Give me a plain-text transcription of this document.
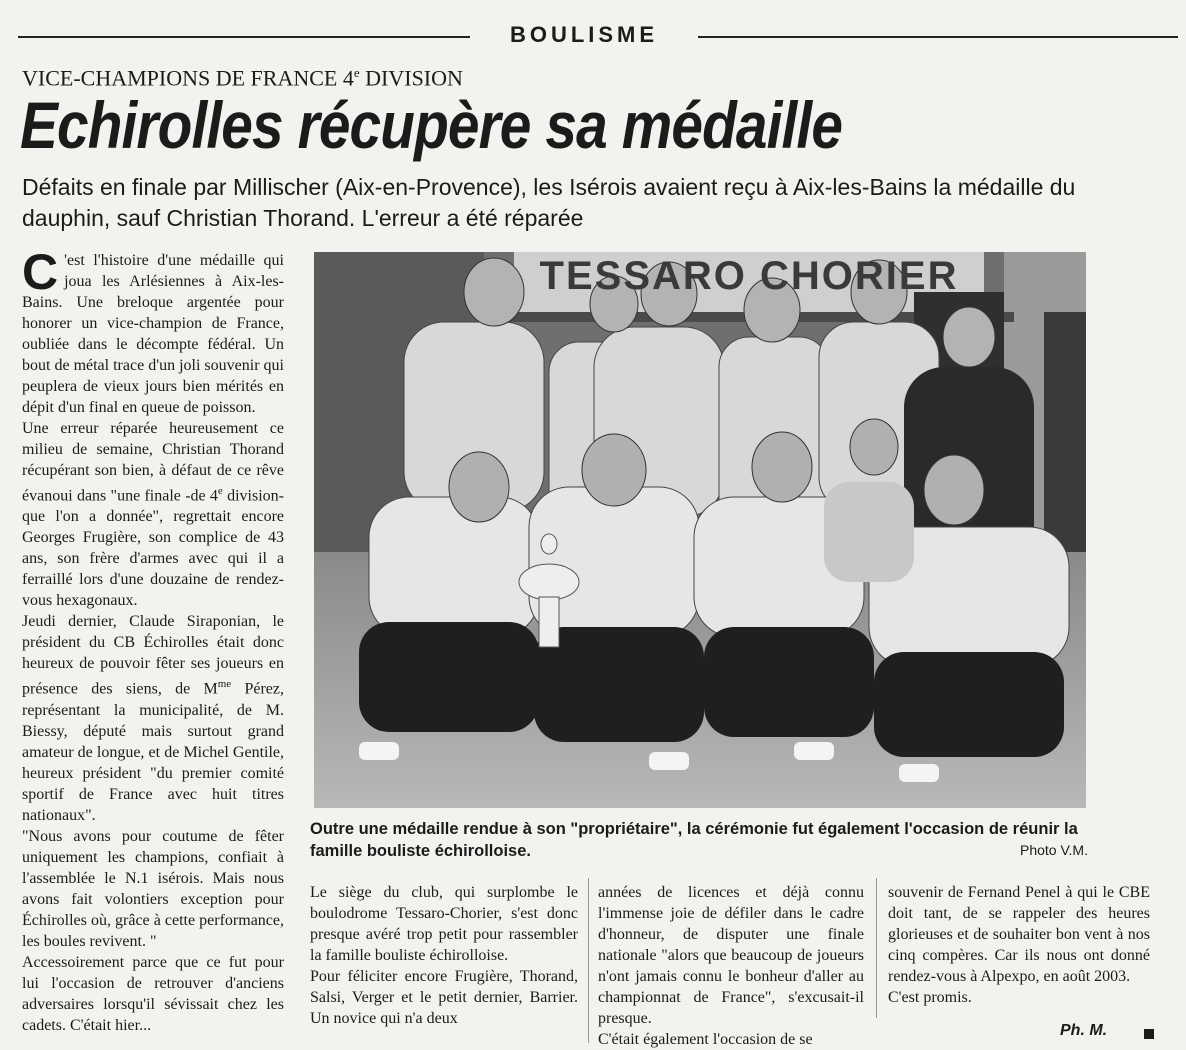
BOULISME
VICE-CHAMPIONS DE FRANCE 4e DIVISION
Echirolles récupère sa médaille
Défaits en finale par Millischer (Aix-en-Provence), les Isérois avaient reçu à Aix-les-Bains la médaille du dauphin, sauf Christian Thorand. L'erreur a été réparée

C 'est l'histoire d'une médaille qui joua les Arlésiennes à Aix-les-Bains. Une breloque argentée pour honorer un vice-champion de France, oubliée dans le décompte fédéral. Un bout de métal trace d'un joli souvenir qui peuplera de vieux jours bien mérités en dépit d'un final en queue de poisson.

Une erreur réparée heureusement ce milieu de semaine, Christian Thorand récupérant son bien, à défaut de ce rêve évanoui dans "une finale -de 4e division- que l'on a donnée", regrettait encore Georges Frugière, son complice de 43 ans, son frère d'armes avec qui il a ferraillé lors d'une douzaine de rendez-vous hexagonaux.

Jeudi dernier, Claude Siraponian, le président du CB Échirolles était donc heureux de pouvoir fêter ses joueurs en présence des siens, de $M^{me}$ Pérez, représentant la municipalité, de M. Biessy, député mais surtout grand amateur de longue, et de Michel Gentile, heureux président "du premier comité sportif de France avec huit titres nationaux".

"Nous avons pour coutume de fêter uniquement les champions, confiait à l'assemblée le N.1 isérois. Mais nous avons fait volontiers exception pour Échirolles où, grâce à cette performance, les boules revivent. "

Accessoirement parce que ce fut pour lui l'occasion de retrouver d'anciens adversaires lorsqu'il sévissait chez les cadets. C'était hier...

TESSARO CHORIER
Outre une médaille rendue à son "propriétaire", la cérémonie fut également l'occasion de réunir la famille bouliste échirolloise.	Photo V.M.

Le siège du club, qui surplombe le boulodrome Tessaro-Chorier, s'est donc presque avéré trop petit pour rassembler la famille bouliste échirolloise.

Pour féliciter encore Frugière, Thorand, Salsi, Verger et le petit dernier, Barrier. Un novice qui n'a deux

années de licences et déjà connu l'immense joie de défiler dans le cadre d'honneur, de disputer une finale nationale "alors que beaucoup de joueurs n'ont jamais connu le bonheur d'aller au championnat de France", s'excusait-il presque.

C'était également l'occasion de se

souvenir de Fernand Penel à qui le CBE doit tant, de se rappeler des heures glorieuses et de souhaiter bon vent à nos cinq compères. Car ils nous ont donné rendez-vous à Alpexpo, en août 2003.

C'est promis.

Ph. M.
